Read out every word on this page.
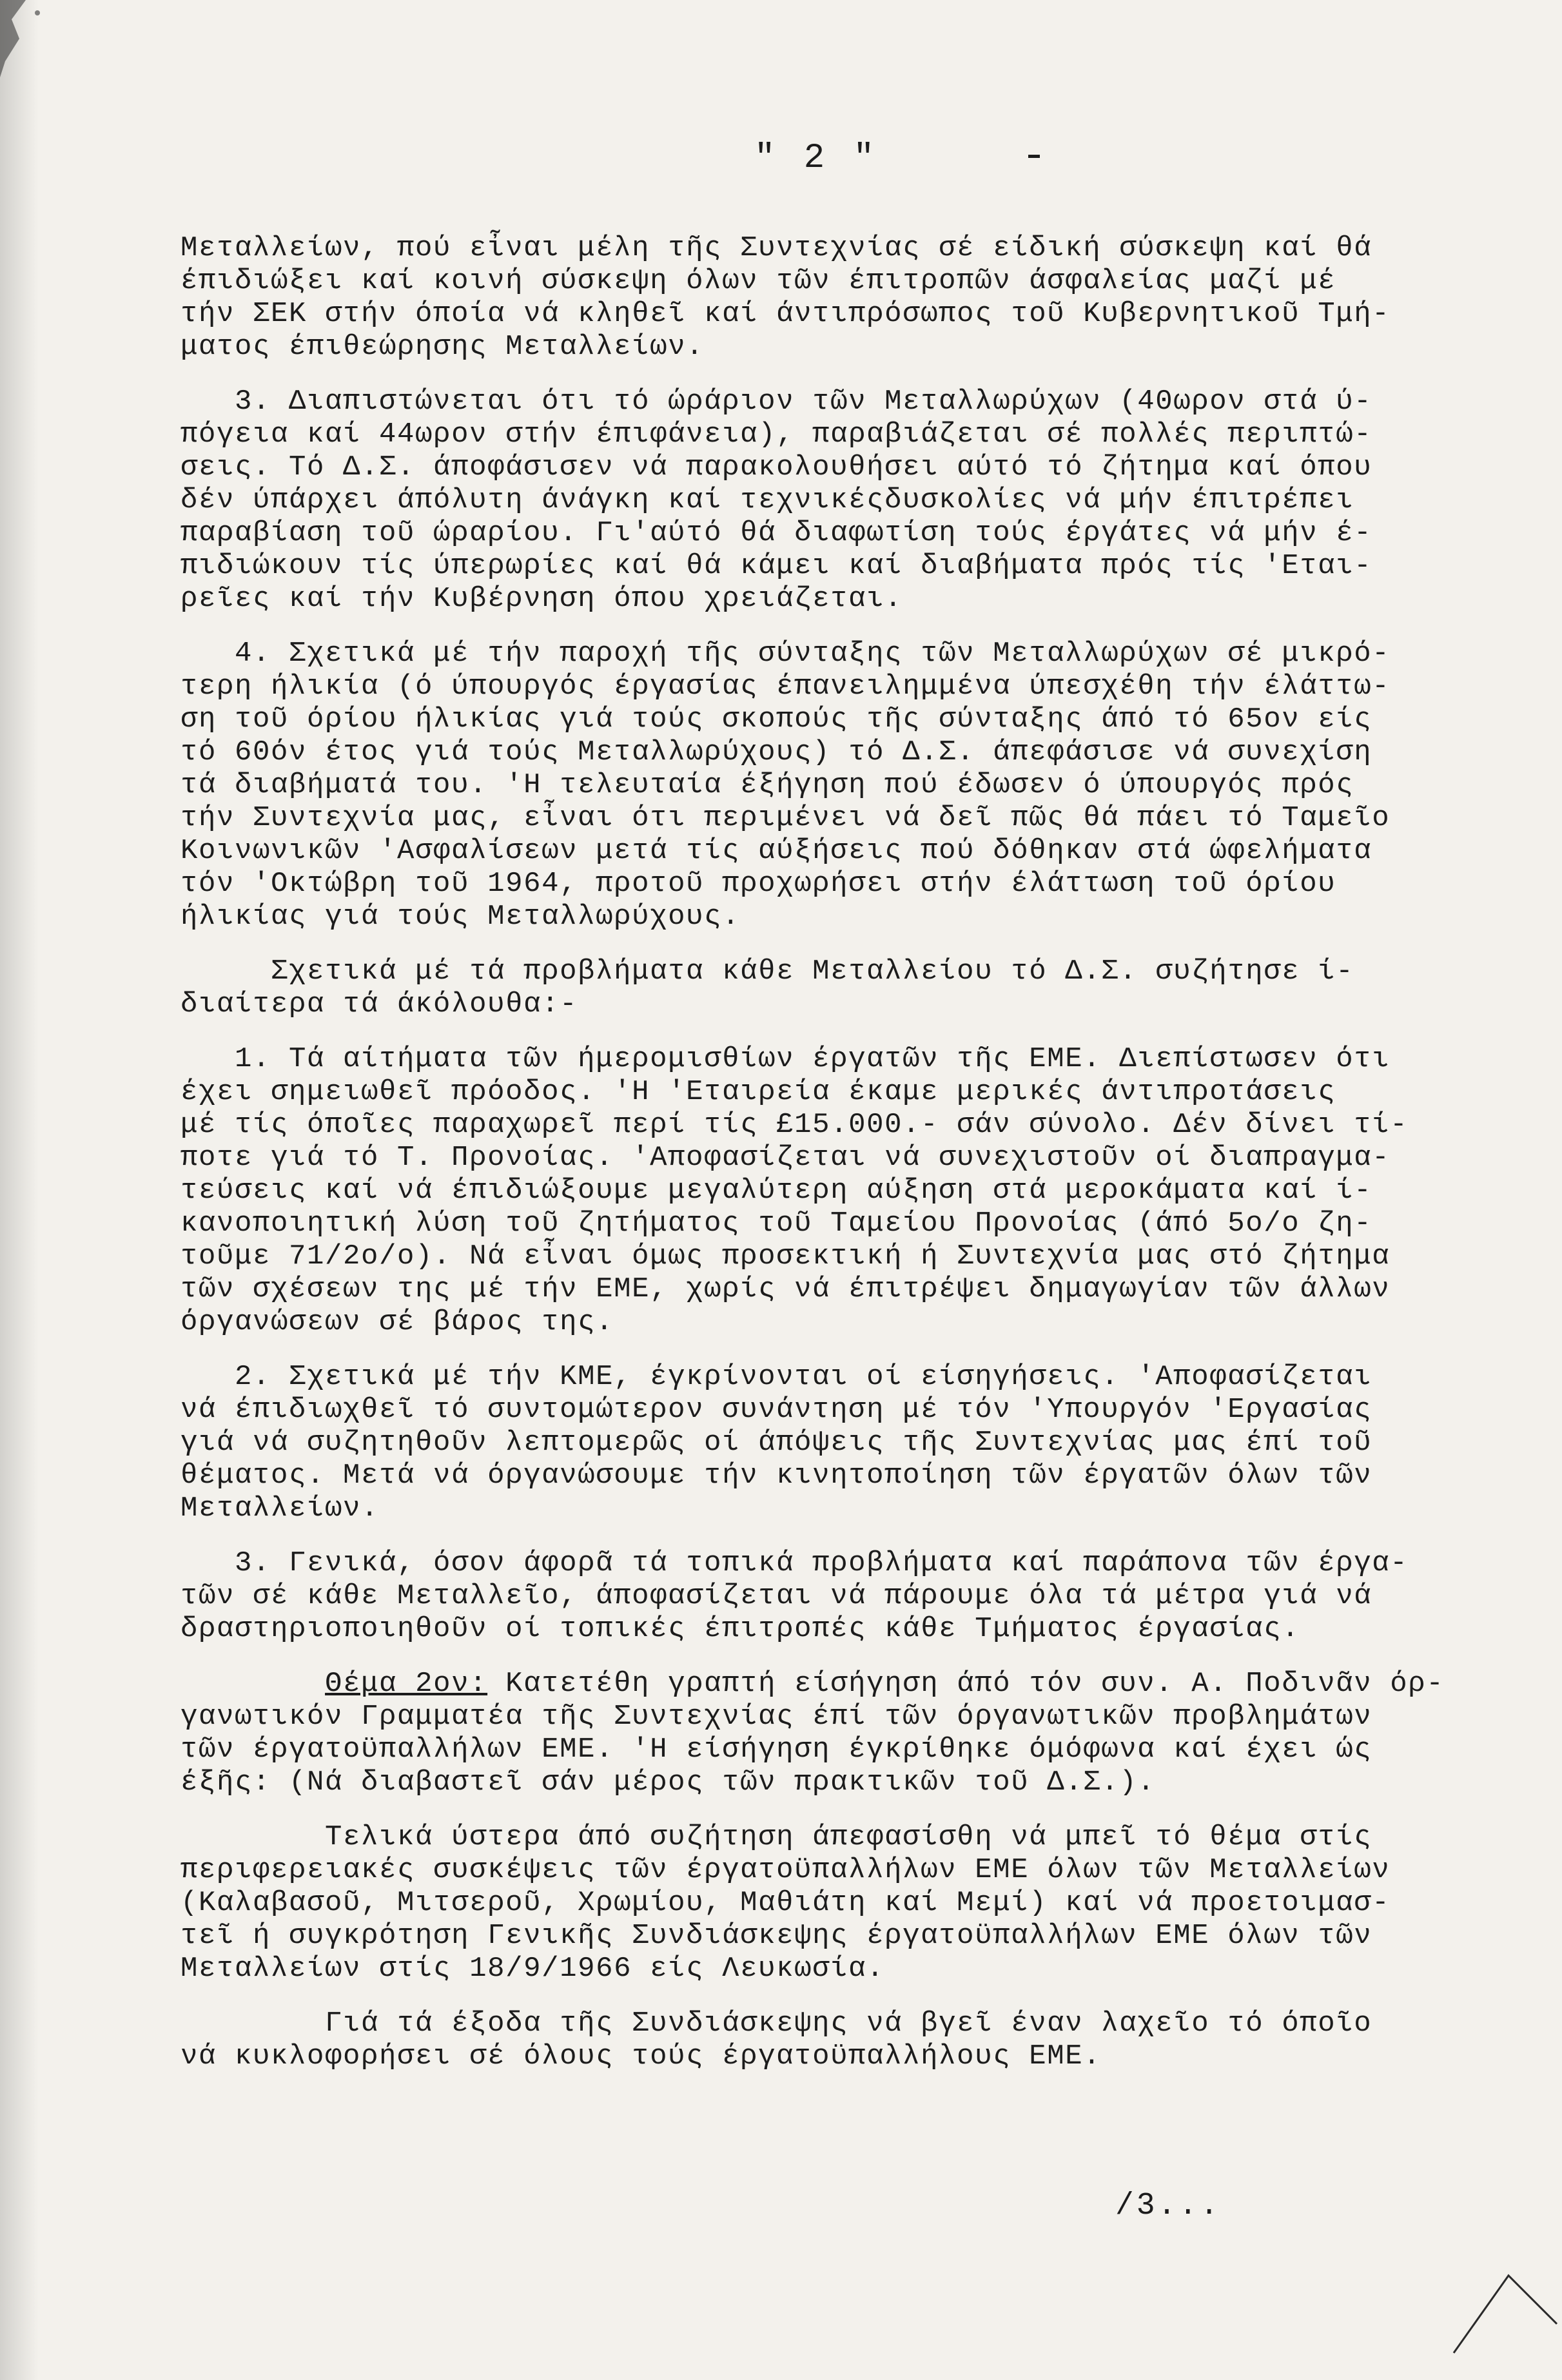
" 2 "
Μεταλλείων, πού εἶναι μέλη τῆς Συντεχνίας σέ είδική σύσκεψη καί θά
έπιδιώξει καί κοινή σύσκεψη όλων τῶν έπιτροπῶν άσφαλείας μαζί μέ
τήν ΣΕΚ στήν όποία νά κληθεῖ καί άντιπρόσωπος τοῦ Κυβερνητικοῦ Τμή-
ματος έπιθεώρησης Μεταλλείων.
3. Διαπιστώνεται ότι τό ώράριον τῶν Μεταλλωρύχων (40ωρον στά ύ-
πόγεια καί 44ωρον στήν έπιφάνεια), παραβιάζεται σέ πολλές περιπτώ-
σεις. Τό Δ.Σ. άποφάσισεν νά παρακολουθήσει αύτό τό ζήτημα καί όπου
δέν ύπάρχει άπόλυτη άνάγκη καί τεχνικέςδυσκολίες νά μήν έπιτρέπει
παραβίαση τοῦ ώραρίου. Γι'αύτό θά διαφωτίση τούς έργάτες νά μήν έ-
πιδιώκουν τίς ύπερωρίες καί θά κάμει καί διαβήματα πρός τίς 'Εται-
ρεῖες καί τήν Κυβέρνηση όπου χρειάζεται.
4. Σχετικά μέ τήν παροχή τῆς σύνταξης τῶν Μεταλλωρύχων σέ μικρό-
τερη ήλικία (ό ύπουργός έργασίας έπανειλημμένα ύπεσχέθη τήν έλάττω-
ση τοῦ όρίου ήλικίας γιά τούς σκοπούς τῆς σύνταξης άπό τό 65ον είς
τό 60όν έτος γιά τούς Μεταλλωρύχους) τό Δ.Σ. άπεφάσισε νά συνεχίση
τά διαβήματά του. 'Η τελευταία έξήγηση πού έδωσεν ό ύπουργός πρός
τήν Συντεχνία μας, εἶναι ότι περιμένει νά δεῖ πῶς θά πάει τό Ταμεῖο
Κοινωνικῶν 'Ασφαλίσεων μετά τίς αύξήσεις πού δόθηκαν στά ώφελήματα
τόν 'Οκτώβρη τοῦ 1964, προτοῦ προχωρήσει στήν έλάττωση τοῦ όρίου
ήλικίας γιά τούς Μεταλλωρύχους.
Σχετικά μέ τά προβλήματα κάθε Μεταλλείου τό Δ.Σ. συζήτησε ί-
διαίτερα τά άκόλουθα:-
1. Τά αίτήματα τῶν ήμερομισθίων έργατῶν τῆς ΕΜΕ. Διεπίστωσεν ότι
έχει σημειωθεῖ πρόοδος. 'Η 'Εταιρεία έκαμε μερικές άντιπροτάσεις
μέ τίς όποῖες παραχωρεῖ περί τίς £15.000.- σάν σύνολο. Δέν δίνει τί-
ποτε γιά τό Τ. Προνοίας. 'Αποφασίζεται νά συνεχιστοῦν οί διαπραγμα-
τεύσεις καί νά έπιδιώξουμε μεγαλύτερη αύξηση στά μεροκάματα καί ί-
κανοποιητική λύση τοῦ ζητήματος τοῦ Ταμείου Προνοίας (άπό 5ο/ο ζη-
τοῦμε 71/2ο/ο). Νά εἶναι όμως προσεκτική ή Συντεχνία μας στό ζήτημα
τῶν σχέσεων της μέ τήν ΕΜΕ, χωρίς νά έπιτρέψει δημαγωγίαν τῶν άλλων
όργανώσεων σέ βάρος της.
2. Σχετικά μέ τήν ΚΜΕ, έγκρίνονται οί είσηγήσεις. 'Αποφασίζεται
νά έπιδιωχθεῖ τό συντομώτερον συνάντηση μέ τόν 'Υπουργόν 'Εργασίας
γιά νά συζητηθοῦν λεπτομερῶς οί άπόψεις τῆς Συντεχνίας μας έπί τοῦ
θέματος. Μετά νά όργανώσουμε τήν κινητοποίηση τῶν έργατῶν όλων τῶν
Μεταλλείων.
3. Γενικά, όσον άφορᾶ τά τοπικά προβλήματα καί παράπονα τῶν έργα-
τῶν σέ κάθε Μεταλλεῖο, άποφασίζεται νά πάρουμε όλα τά μέτρα γιά νά
δραστηριοποιηθοῦν οί τοπικές έπιτροπές κάθε Τμήματος έργασίας.
Θέμα 2ον: Κατετέθη γραπτή είσήγηση άπό τόν συν. Α. Ποδινᾶν όρ-
γανωτικόν Γραμματέα τῆς Συντεχνίας έπί τῶν όργανωτικῶν προβλημάτων
τῶν έργατοϋπαλλήλων ΕΜΕ. 'Η είσήγηση έγκρίθηκε όμόφωνα καί έχει ώς
έξῆς: (Νά διαβαστεῖ σάν μέρος τῶν πρακτικῶν τοῦ Δ.Σ.).
Τελικά ύστερα άπό συζήτηση άπεφασίσθη νά μπεῖ τό θέμα στίς
περιφερειακές συσκέψεις τῶν έργατοϋπαλλήλων ΕΜΕ όλων τῶν Μεταλλείων
(Καλαβασοῦ, Μιτσεροῦ, Χρωμίου, Μαθιάτη καί Μεμί) καί νά προετοιμασ-
τεῖ ή συγκρότηση Γενικῆς Συνδιάσκεψης έργατοϋπαλλήλων ΕΜΕ όλων τῶν
Μεταλλείων στίς 18/9/1966 είς Λευκωσία.
Γιά τά έξοδα τῆς Συνδιάσκεψης νά βγεῖ έναν λαχεῖο τό όποῖο
νά κυκλοφορήσει σέ όλους τούς έργατοϋπαλλήλους ΕΜΕ.
/3...
